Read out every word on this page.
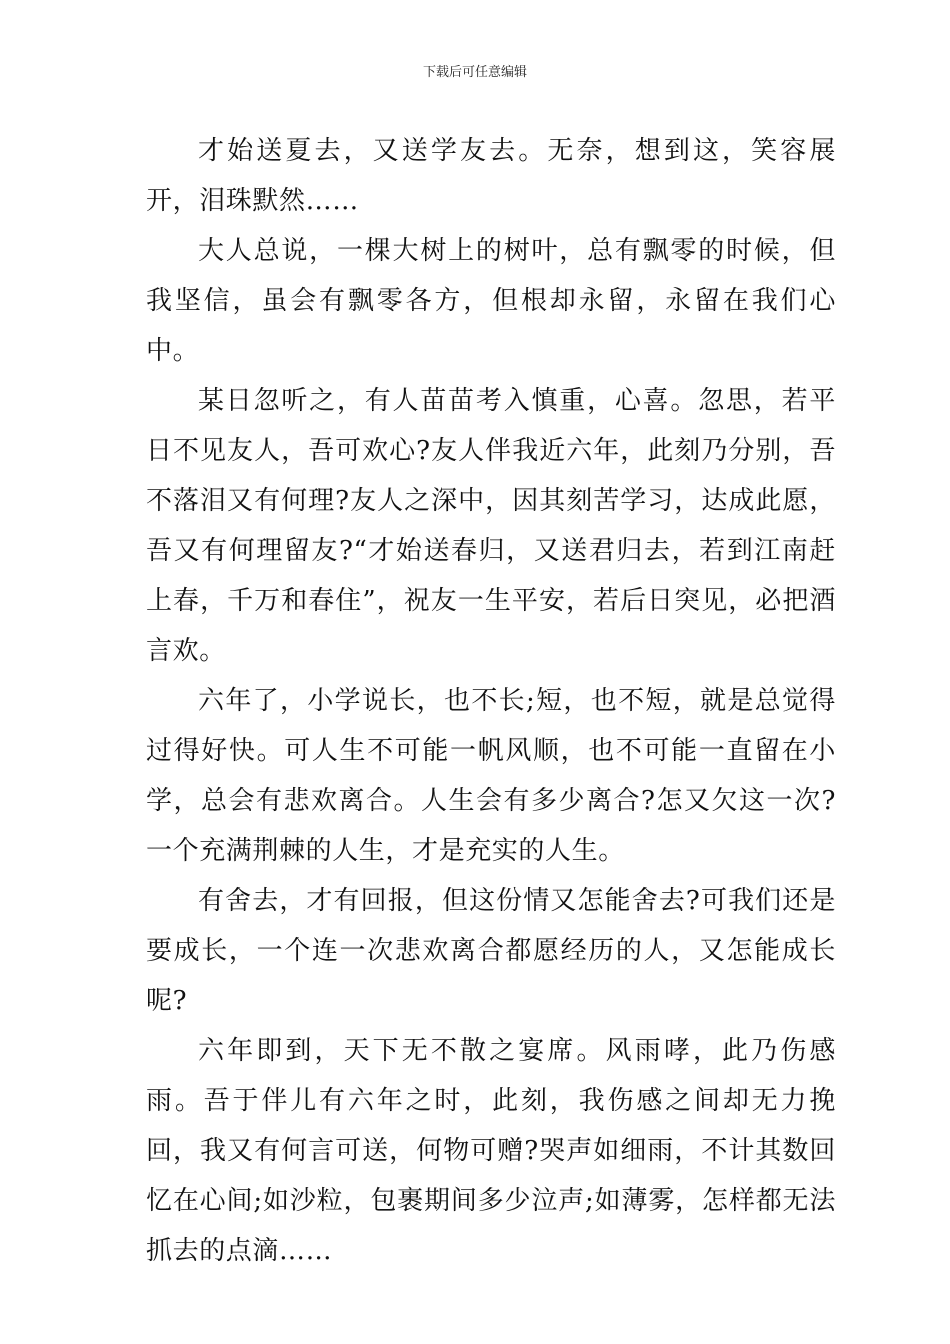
下载后可任意编辑

才始送夏去，又送学友去。无奈，想到这，笑容展开，泪珠默然……

大人总说，一棵大树上的树叶，总有飘零的时候，但我坚信，虽会有飘零各方，但根却永留，永留在我们心中。

某日忽听之，有人苗苗考入慎重，心喜。忽思，若平日不见友人，吾可欢心?友人伴我近六年，此刻乃分别，吾不落泪又有何理?友人之深中，因其刻苦学习，达成此愿，吾又有何理留友?“才始送春归，又送君归去，若到江南赶上春，千万和春住”，祝友一生平安，若后日突见，必把酒言欢。

六年了，小学说长，也不长;短，也不短，就是总觉得过得好快。可人生不可能一帆风顺，也不可能一直留在小学，总会有悲欢离合。人生会有多少离合?怎又欠这一次?一个充满荆棘的人生，才是充实的人生。

有舍去，才有回报，但这份情又怎能舍去?可我们还是要成长，一个连一次悲欢离合都愿经历的人，又怎能成长呢?

六年即到，天下无不散之宴席。风雨哮，此乃伤感雨。吾于伴儿有六年之时，此刻，我伤感之间却无力挽回，我又有何言可送，何物可赠?哭声如细雨，不计其数回忆在心间;如沙粒，包裹期间多少泣声;如薄雾，怎样都无法抓去的点滴……
